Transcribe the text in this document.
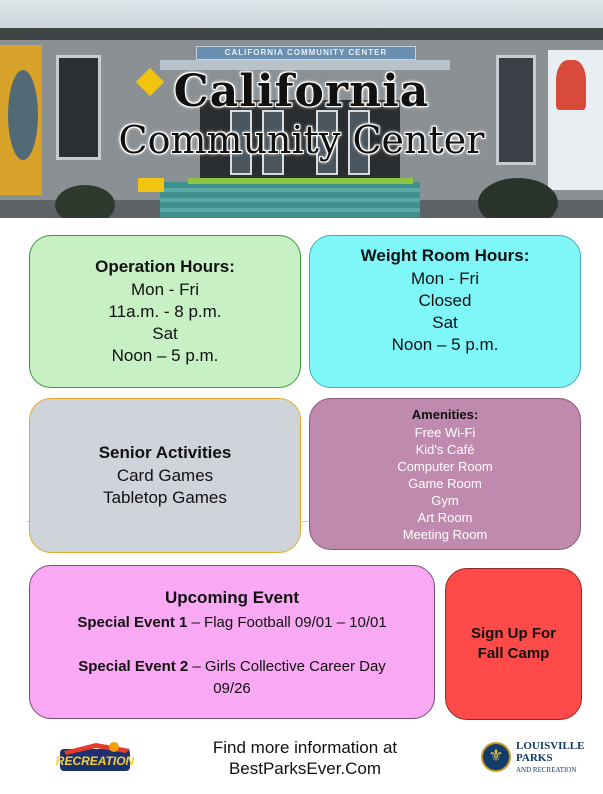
CALIFORNIA COMMUNITY CENTER
California
Community Center
Operation Hours:
Mon - Fri
11a.m. - 8 p.m.
Sat
Noon – 5 p.m.
Weight Room Hours:
Mon - Fri
Closed
Sat
Noon – 5 p.m.
Senior Activities
Card Games
Tabletop Games
Amenities:
Free Wi-Fi
Kid's Café
Computer Room
Game Room
Gym
Art Room
Meeting Room
Upcoming Event
Special Event 1 – Flag Football 09/01 – 10/01
Special Event 2 – Girls Collective Career Day
09/26
Sign Up For
Fall Camp
Find more information at
BestParksEver.Com
RECREATION
⚜
LOUISVILLE
PARKS
AND RECREATION
